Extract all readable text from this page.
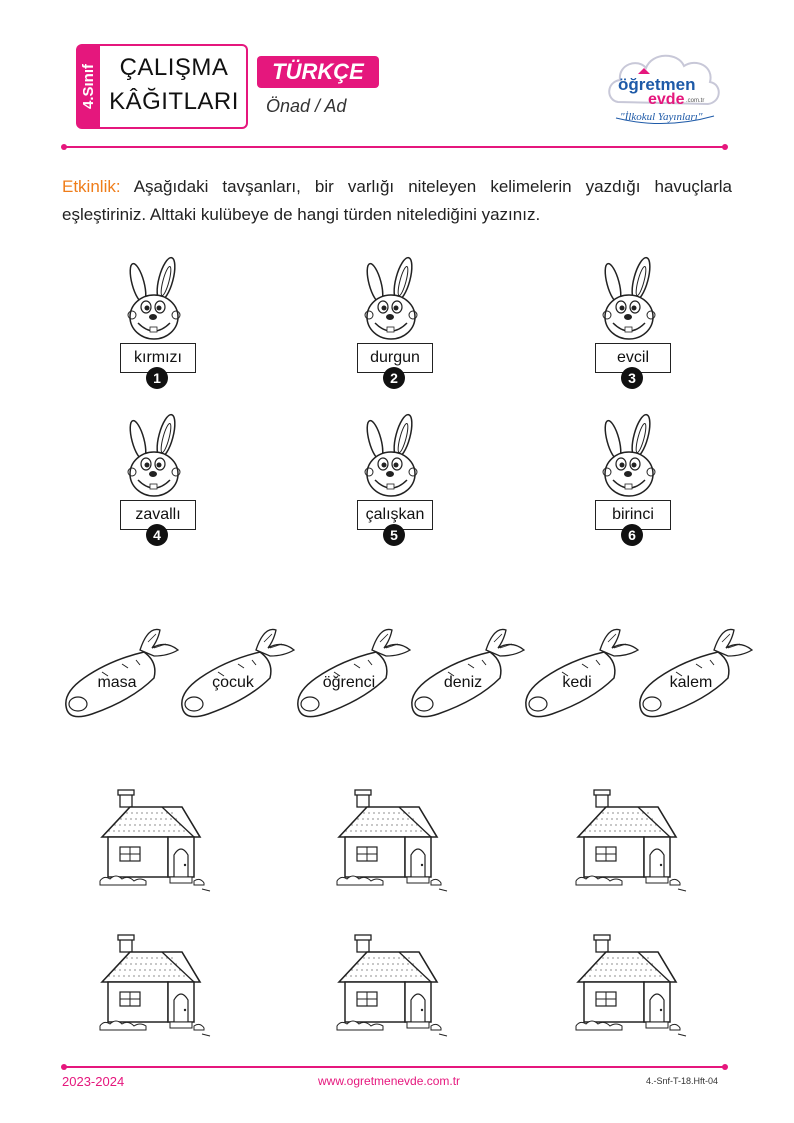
4.Sınıf ÇALIŞMA
KÂĞITLARI
TÜRKÇE
Önad / Ad
öğretmen
evde .com.tr
"İlkokul Yayınları"
Etkinlik: Aşağıdaki tavşanları, bir varlığı niteleyen kelimelerin yazdığı havuçlarla eşleştiriniz. Alttaki kulübeye de hangi türden nitelediğini yazınız.
kırmızı
1
durgun
2
evcil
3
zavallı
4
çalışkan
5
birinci
6
masa	çocuk	öğrenci	deniz	kedi	kalem
2023-2024	www.ogretmenevde.com.tr	4.-Snf-T-18.Hft-04
